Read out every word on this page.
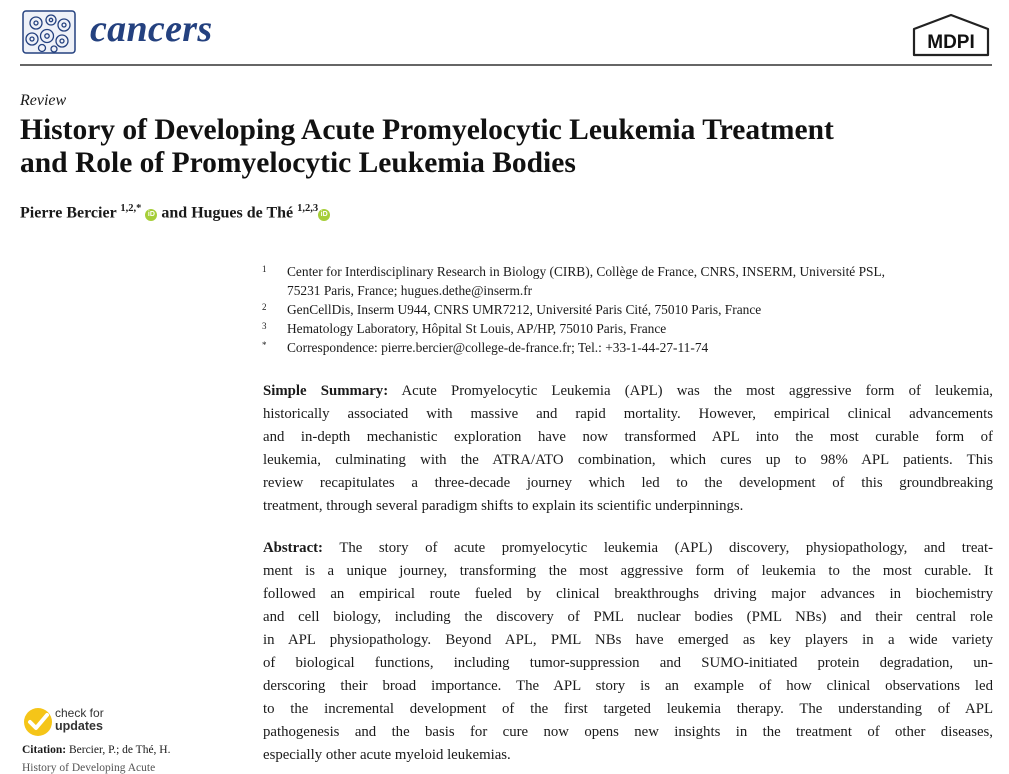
cancers	MDPI
Review
History of Developing Acute Promyelocytic Leukemia Treatment
and Role of Promyelocytic Leukemia Bodies
Pierre Bercier $^{1,2,*}$ iD and Hugues de Thé $^{1,2,3}$iD
1	Center for Interdisciplinary Research in Biology (CIRB), Collège de France, CNRS, INSERM, Université PSL,
75231 Paris, France; hugues.dethe@inserm.fr
2	GenCellDis, Inserm U944, CNRS UMR7212, Université Paris Cité, 75010 Paris, France
3	Hematology Laboratory, Hôpital St Louis, AP/HP, 75010 Paris, France
*	Correspondence: pierre.bercier@college-de-france.fr; Tel.: +33-1-44-27-11-74
Simple Summary: Acute Promyelocytic Leukemia (APL) was the most aggressive form of leukemia,
historically associated with massive and rapid mortality. However, empirical clinical advancements
and in-depth mechanistic exploration have now transformed APL into the most curable form of
leukemia, culminating with the ATRA/ATO combination, which cures up to 98% APL patients. This
review recapitulates a three-decade journey which led to the development of this groundbreaking
treatment, through several paradigm shifts to explain its scientific underpinnings.
Abstract: The story of acute promyelocytic leukemia (APL) discovery, physiopathology, and treat-
ment is a unique journey, transforming the most aggressive form of leukemia to the most curable. It
followed an empirical route fueled by clinical breakthroughs driving major advances in biochemistry
and cell biology, including the discovery of PML nuclear bodies (PML NBs) and their central role
in APL physiopathology. Beyond APL, PML NBs have emerged as key players in a wide variety
of biological functions, including tumor-suppression and SUMO-initiated protein degradation, un-
derscoring their broad importance. The APL story is an example of how clinical observations led
to the incremental development of the first targeted leukemia therapy. The understanding of APL
pathogenesis and the basis for cure now opens new insights in the treatment of other diseases,
especially other acute myeloid leukemias.
check for
updates
Citation: Bercier, P.; de Thé, H.
History of Developing Acute
